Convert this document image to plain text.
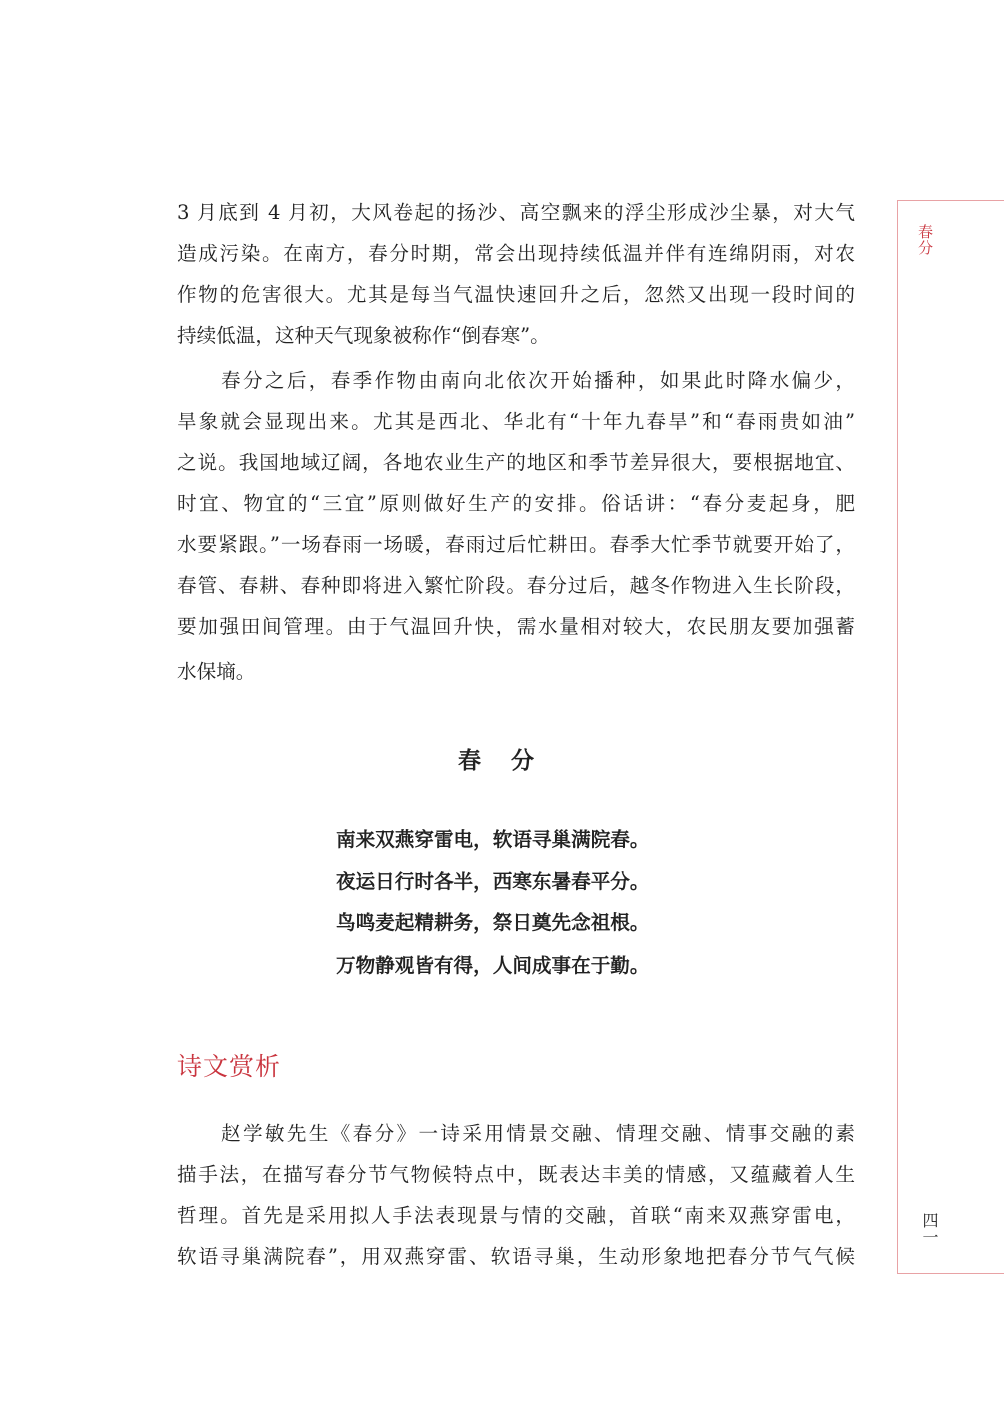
3 月底到 4 月初，大风卷起的扬沙、高空飘来的浮尘形成沙尘暴，对大气
造成污染。在南方，春分时期，常会出现持续低温并伴有连绵阴雨，对农
作物的危害很大。尤其是每当气温快速回升之后，忽然又出现一段时间的
持续低温，这种天气现象被称作“倒春寒”。
春分之后，春季作物由南向北依次开始播种，如果此时降水偏少，
旱象就会显现出来。尤其是西北、华北有“十年九春旱”和“春雨贵如油”
之说。我国地域辽阔，各地农业生产的地区和季节差异很大，要根据地宜、
时宜、物宜的“三宜”原则做好生产的安排。俗话讲：“春分麦起身，肥
水要紧跟。”一场春雨一场暖，春雨过后忙耕田。春季大忙季节就要开始了，
春管、春耕、春种即将进入繁忙阶段。春分过后，越冬作物进入生长阶段，
要加强田间管理。由于气温回升快，需水量相对较大，农民朋友要加强蓄
水保墒。
春分
南来双燕穿雷电，软语寻巢满院春。
夜运日行时各半，西寒东暑春平分。
鸟鸣麦起精耕务，祭日奠先念祖根。
万物静观皆有得，人间成事在于勤。
诗文赏析
赵学敏先生《春分》一诗采用情景交融、情理交融、情事交融的素
描手法，在描写春分节气物候特点中，既表达丰美的情感，又蕴藏着人生
哲理。首先是采用拟人手法表现景与情的交融，首联“南来双燕穿雷电，
软语寻巢满院春”，用双燕穿雷、软语寻巢，生动形象地把春分节气气候
春分
四一
